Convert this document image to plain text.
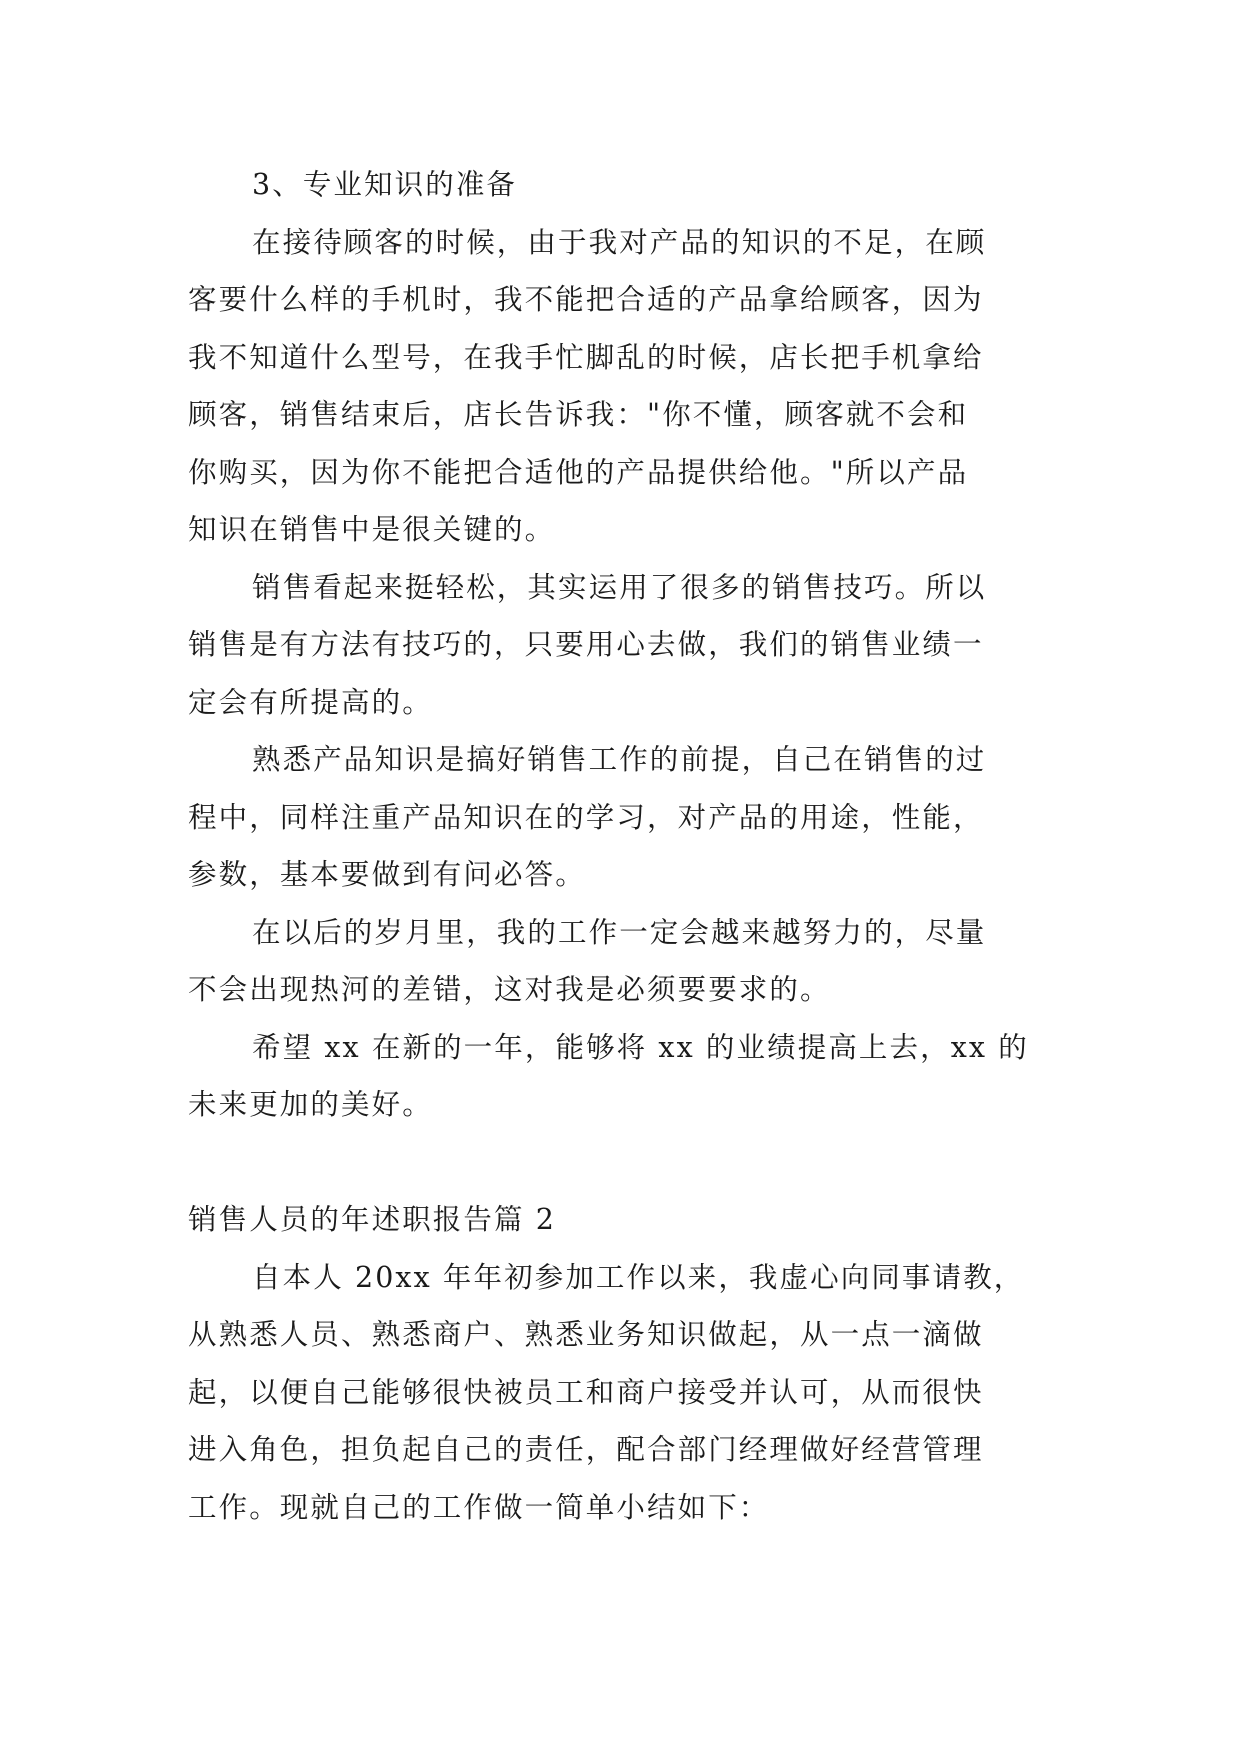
3、专业知识的准备
在接待顾客的时候，由于我对产品的知识的不足，在顾
客要什么样的手机时，我不能把合适的产品拿给顾客，因为
我不知道什么型号，在我手忙脚乱的时候，店长把手机拿给
顾客，销售结束后，店长告诉我："你不懂，顾客就不会和
你购买，因为你不能把合适他的产品提供给他。"所以产品
知识在销售中是很关键的。
销售看起来挺轻松，其实运用了很多的销售技巧。所以
销售是有方法有技巧的，只要用心去做，我们的销售业绩一
定会有所提高的。
熟悉产品知识是搞好销售工作的前提，自己在销售的过
程中，同样注重产品知识在的学习，对产品的用途，性能，
参数，基本要做到有问必答。
在以后的岁月里，我的工作一定会越来越努力的，尽量
不会出现热河的差错，这对我是必须要要求的。
希望 xx 在新的一年，能够将 xx 的业绩提高上去，xx 的
未来更加的美好。
销售人员的年述职报告篇 2
自本人 20xx 年年初参加工作以来，我虚心向同事请教，
从熟悉人员、熟悉商户、熟悉业务知识做起，从一点一滴做
起，以便自己能够很快被员工和商户接受并认可，从而很快
进入角色，担负起自己的责任，配合部门经理做好经营管理
工作。现就自己的工作做一简单小结如下：
